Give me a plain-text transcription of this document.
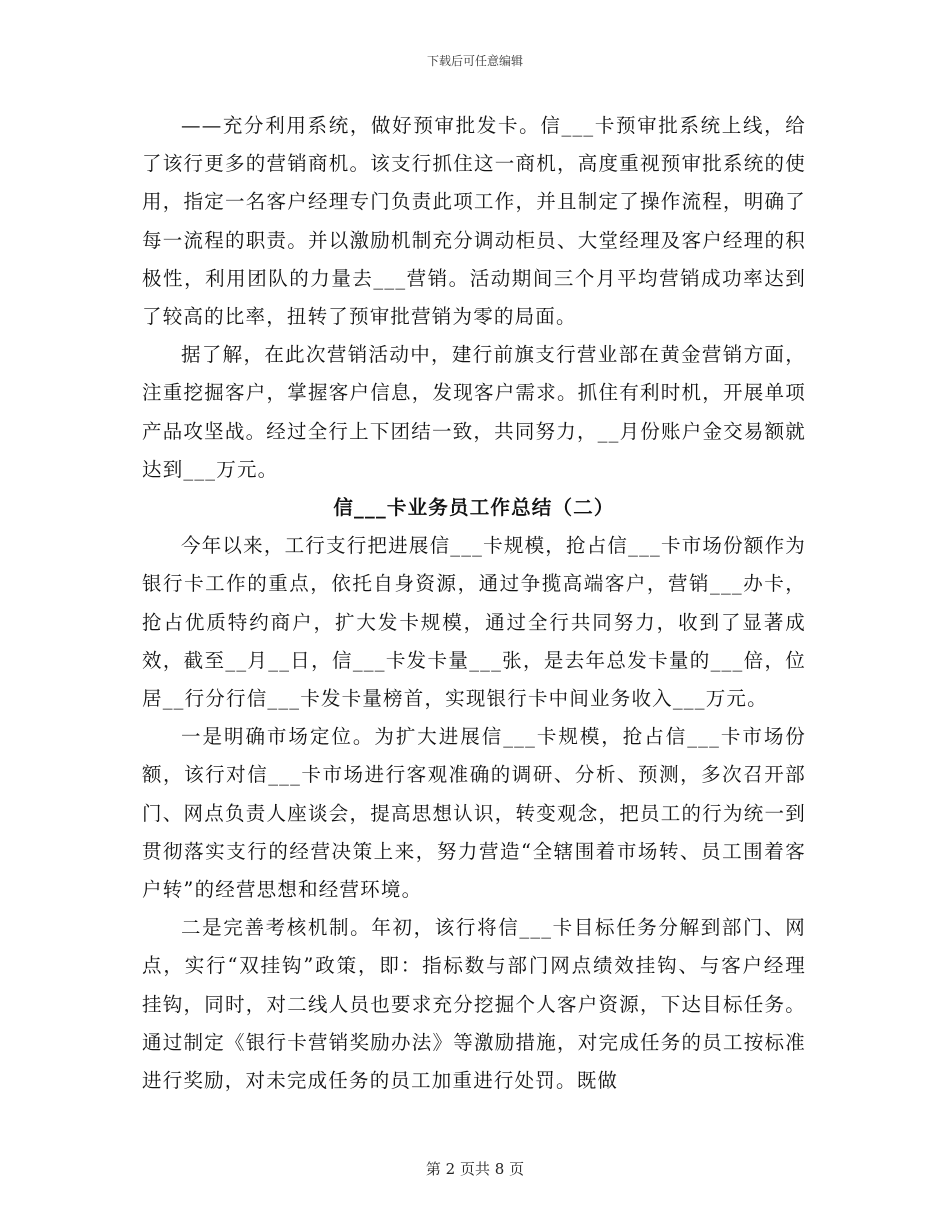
下载后可任意编辑

——充分利用系统，做好预审批发卡。信___卡预审批系统上线，给了该行更多的营销商机。该支行抓住这一商机，高度重视预审批系统的使用，指定一名客户经理专门负责此项工作，并且制定了操作流程，明确了每一流程的职责。并以激励机制充分调动柜员、大堂经理及客户经理的积极性，利用团队的力量去___营销。活动期间三个月平均营销成功率达到了较高的比率，扭转了预审批营销为零的局面。

据了解，在此次营销活动中，建行前旗支行营业部在黄金营销方面，注重挖掘客户，掌握客户信息，发现客户需求。抓住有利时机，开展单项产品攻坚战。经过全行上下团结一致，共同努力，__月份账户金交易额就达到___万元。

信___卡业务员工作总结（二）

今年以来，工行支行把进展信___卡规模，抢占信___卡市场份额作为银行卡工作的重点，依托自身资源，通过争揽高端客户，营销___办卡，抢占优质特约商户，扩大发卡规模，通过全行共同努力，收到了显著成效，截至__月__日，信___卡发卡量___张，是去年总发卡量的___倍，位居__行分行信___卡发卡量榜首，实现银行卡中间业务收入___万元。

一是明确市场定位。为扩大进展信___卡规模，抢占信___卡市场份额，该行对信___卡市场进行客观准确的调研、分析、预测，多次召开部门、网点负责人座谈会，提高思想认识，转变观念，把员工的行为统一到贯彻落实支行的经营决策上来，努力营造“全辖围着市场转、员工围着客户转”的经营思想和经营环境。

二是完善考核机制。年初，该行将信___卡目标任务分解到部门、网点，实行“双挂钩”政策，即：指标数与部门网点绩效挂钩、与客户经理挂钩，同时，对二线人员也要求充分挖掘个人客户资源，下达目标任务。通过制定《银行卡营销奖励办法》等激励措施，对完成任务的员工按标准进行奖励，对未完成任务的员工加重进行处罚。既做

第 2 页共 8 页
